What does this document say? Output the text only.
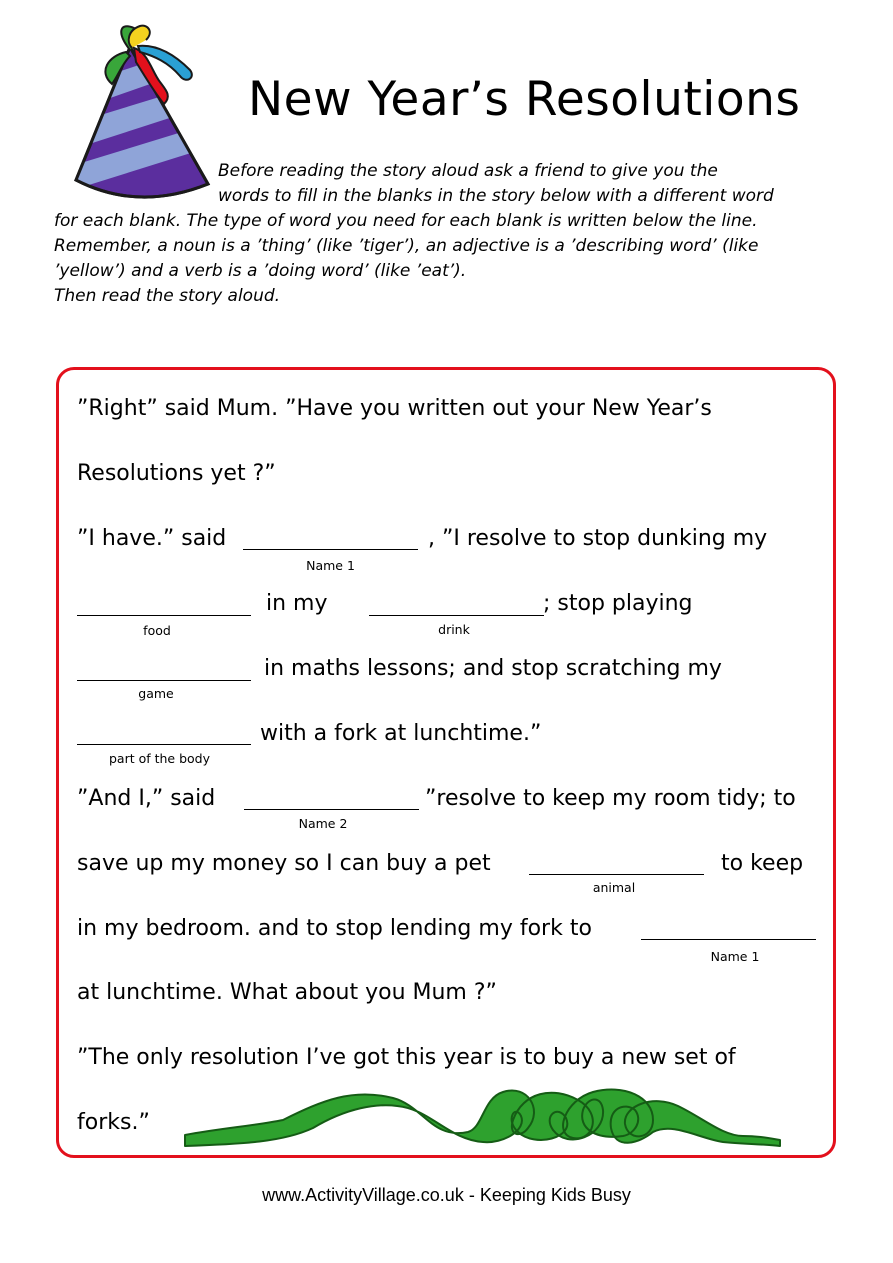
New Year’s Resolutions
Before reading the story aloud ask a friend to give you the
words to fill in the blanks in the story below with a different word
for each blank. The type of word you need for each blank is written below the line.
Remember, a noun is a ’thing’ (like ’tiger’), an adjective is a ’describing word’ (like
’yellow’) and a verb is a ’doing word’ (like ’eat’).
Then read the story aloud.
”Right” said Mum. ”Have you written out your New Year’s
Resolutions yet ?”
”I have.” said
Name 1
, ”I resolve to stop dunking my
food
in my
drink
; stop playing
game
in maths lessons; and stop scratching my
part of the body
with a fork at lunchtime.”
”And I,” said
Name 2
”resolve to keep my room tidy; to
save up my money so I can buy a pet
animal
to keep
in my bedroom. and to stop lending my fork to
Name 1
at lunchtime. What about you Mum ?”
”The only resolution I’ve got this year is to buy a new set of
forks.”
www.ActivityVillage.co.uk - Keeping Kids Busy
